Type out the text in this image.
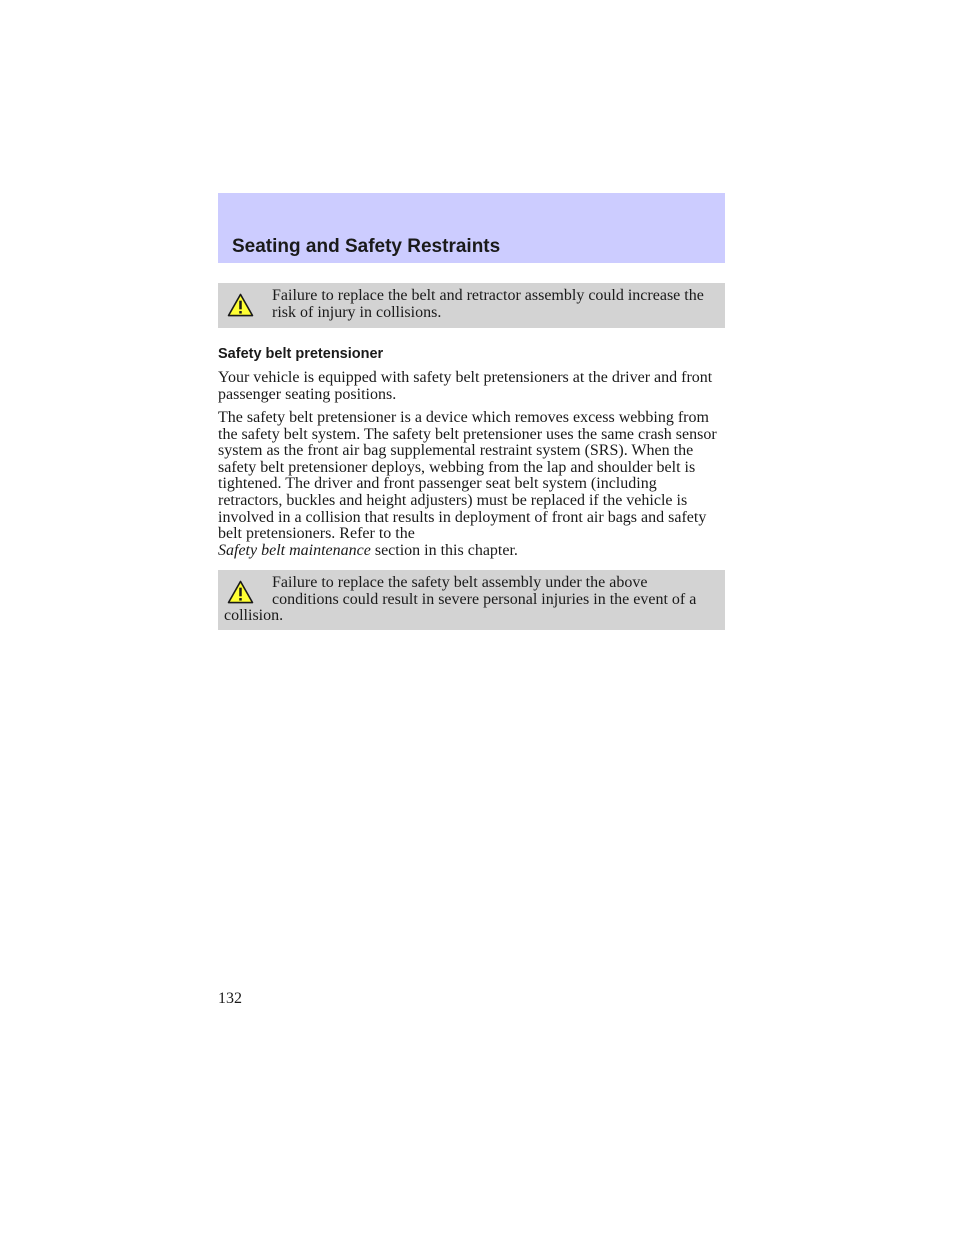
Seating and Safety Restraints

Failure to replace the belt and retractor assembly could increase the risk of injury in collisions.

Safety belt pretensioner

Your vehicle is equipped with safety belt pretensioners at the driver and front passenger seating positions.

The safety belt pretensioner is a device which removes excess webbing from the safety belt system. The safety belt pretensioner uses the same crash sensor system as the front air bag supplemental restraint system (SRS). When the safety belt pretensioner deploys, webbing from the lap and shoulder belt is tightened. The driver and front passenger seat belt system (including retractors, buckles and height adjusters) must be replaced if the vehicle is involved in a collision that results in deployment of front air bags and safety belt pretensioners. Refer to the
Safety belt maintenance section in this chapter.

Failure to replace the safety belt assembly under the above conditions could result in severe personal injuries in the event of a collision.

132
